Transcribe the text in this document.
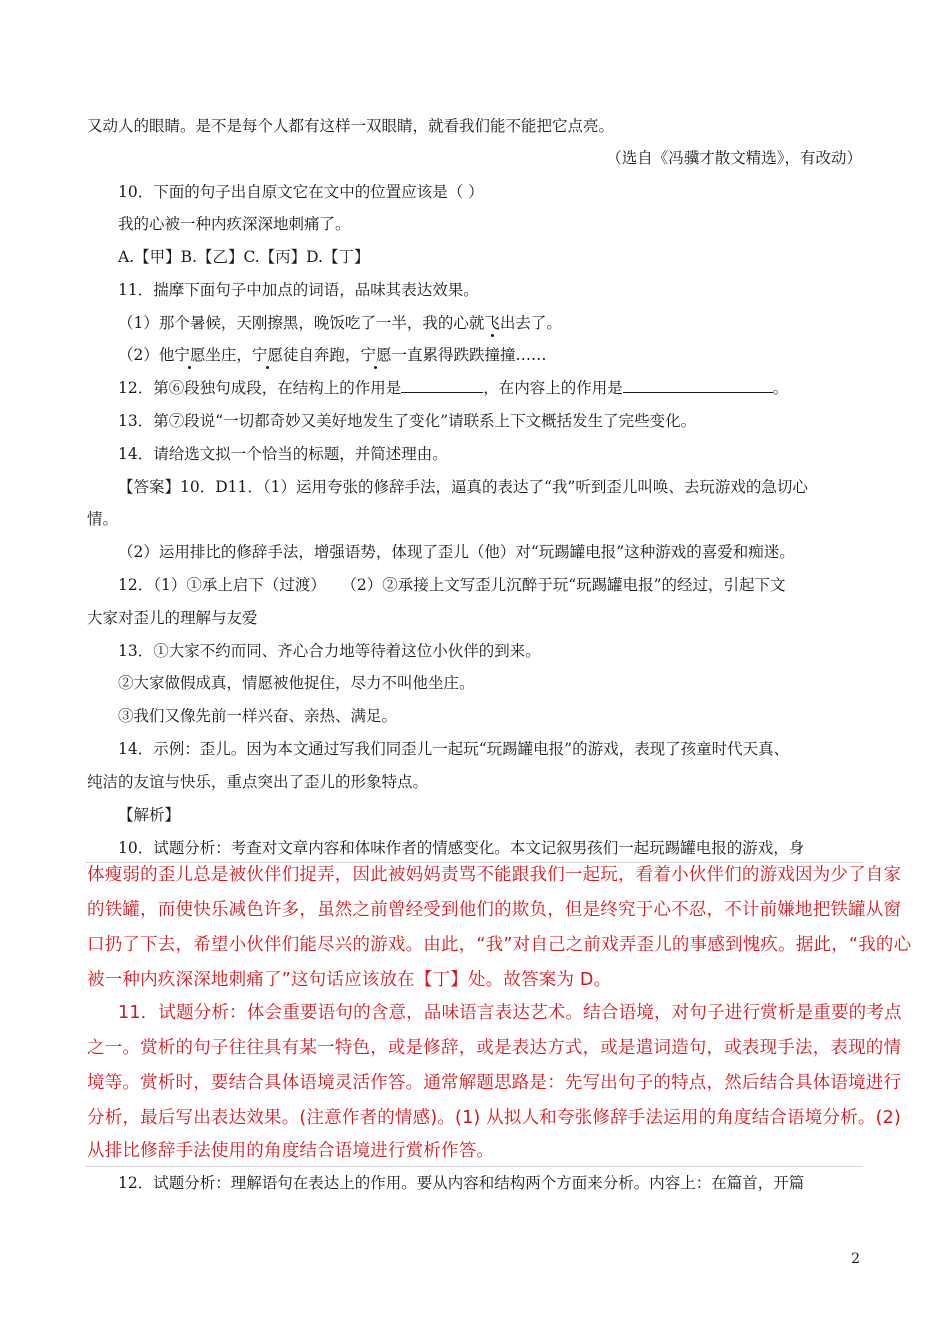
又动人的眼睛。是不是每个人都有这样一双眼睛，就看我们能不能把它点亮。
（选自《冯骥才散文精选》，有改动）
10．下面的句子出自原文它在文中的位置应该是（ ）
我的心被一种内疚深深地刺痛了。
A.【甲】B.【乙】C.【丙】D.【丁】
11．揣摩下面句子中加点的词语，品味其表达效果。
（1）那个暑候，天刚擦黑，晚饭吃了一半，我的心就飞出去了。
（2）他宁愿坐庄，宁愿徒自奔跑，宁愿一直累得跌跌撞撞……
12．第⑥段独句成段，在结构上的作用是	，在内容上的作用是	。
13．第⑦段说“一切都奇妙又美好地发生了变化”请联系上下文概括发生了完些变化。
14．请给选文拟一个恰当的标题，并简述理由。
【答案】10．D11．（1）运用夸张的修辞手法，逼真的表达了“我”听到歪儿叫唤、去玩游戏的急切心
情。
（2）运用排比的修辞手法，增强语势，体现了歪儿（他）对“玩踢罐电报”这种游戏的喜爱和痴迷。
12．（1）①承上启下（过渡）　　（2）②承接上文写歪儿沉醉于玩“玩踢罐电报”的经过，引起下文
大家对歪儿的理解与友爱
13．①大家不约而同、齐心合力地等待着这位小伙伴的到来。
②大家做假成真，情愿被他捉住，尽力不叫他坐庄。
③我们又像先前一样兴奋、亲热、满足。
14．示例：歪儿。因为本文通过写我们同歪儿一起玩“玩踢罐电报”的游戏，表现了孩童时代天真、
纯洁的友谊与快乐，重点突出了歪儿的形象特点。
【解析】
10．试题分析：考查对文章内容和体味作者的情感变化。本文记叙男孩们一起玩踢罐电报的游戏，身
体瘦弱的歪儿总是被伙伴们捉弄，因此被妈妈责骂不能跟我们一起玩，看着小伙伴们的游戏因为少了自家
的铁罐，而使快乐减色许多，虽然之前曾经受到他们的欺负，但是终究于心不忍，不计前嫌地把铁罐从窗
口扔了下去，希望小伙伴们能尽兴的游戏。由此，“我”对自己之前戏弄歪儿的事感到愧疚。据此，“我的心
被一种内疚深深地刺痛了”这句话应该放在【丁】处。故答案为 D。
11．试题分析：体会重要语句的含意，品味语言表达艺术。结合语境，对句子进行赏析是重要的考点
之一。赏析的句子往往具有某一特色，或是修辞，或是表达方式，或是遣词造句，或表现手法，表现的情
境等。赏析时，要结合具体语境灵活作答。通常解题思路是：先写出句子的特点，然后结合具体语境进行
分析，最后写出表达效果。(注意作者的情感)。(1) 从拟人和夸张修辞手法运用的角度结合语境分析。(2)
从排比修辞手法使用的角度结合语境进行赏析作答。
12．试题分析：理解语句在表达上的作用。要从内容和结构两个方面来分析。内容上：在篇首，开篇
2
